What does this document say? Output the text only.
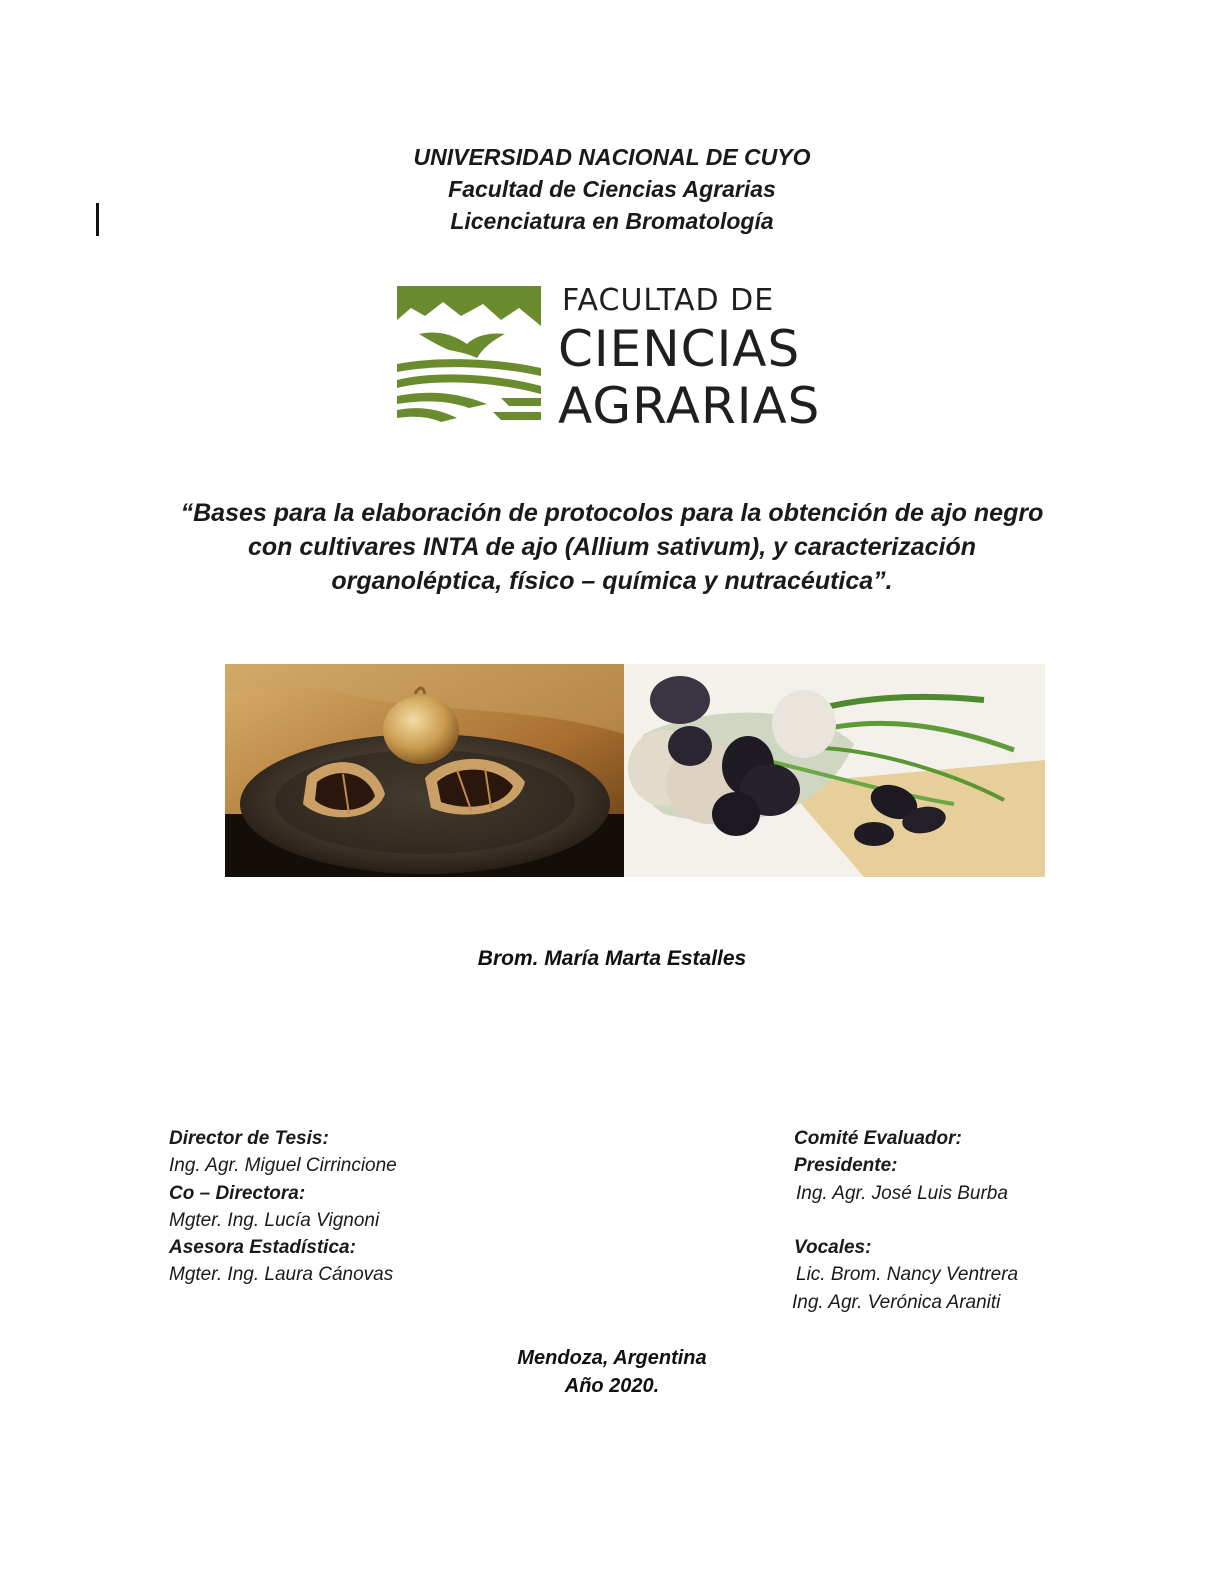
UNIVERSIDAD NACIONAL DE CUYO
Facultad de Ciencias Agrarias
Licenciatura en Bromatología
FACULTAD DE
CIENCIAS
AGRARIAS
“Bases para la elaboración de protocolos para la obtención de ajo negro
con cultivares INTA de ajo (Allium sativum), y caracterización
organoléptica, físico – química y nutracéutica”.
Brom. María Marta Estalles
Director de Tesis:
Ing. Agr. Miguel Cirrincione
Co – Directora:
Mgter. Ing. Lucía Vignoni
Asesora Estadística:
Mgter. Ing. Laura Cánovas
Comité Evaluador:
Presidente:
Ing. Agr. José Luis Burba
Vocales:
Lic. Brom. Nancy Ventrera
Ing. Agr. Verónica Araniti
Mendoza, Argentina
Año 2020.
